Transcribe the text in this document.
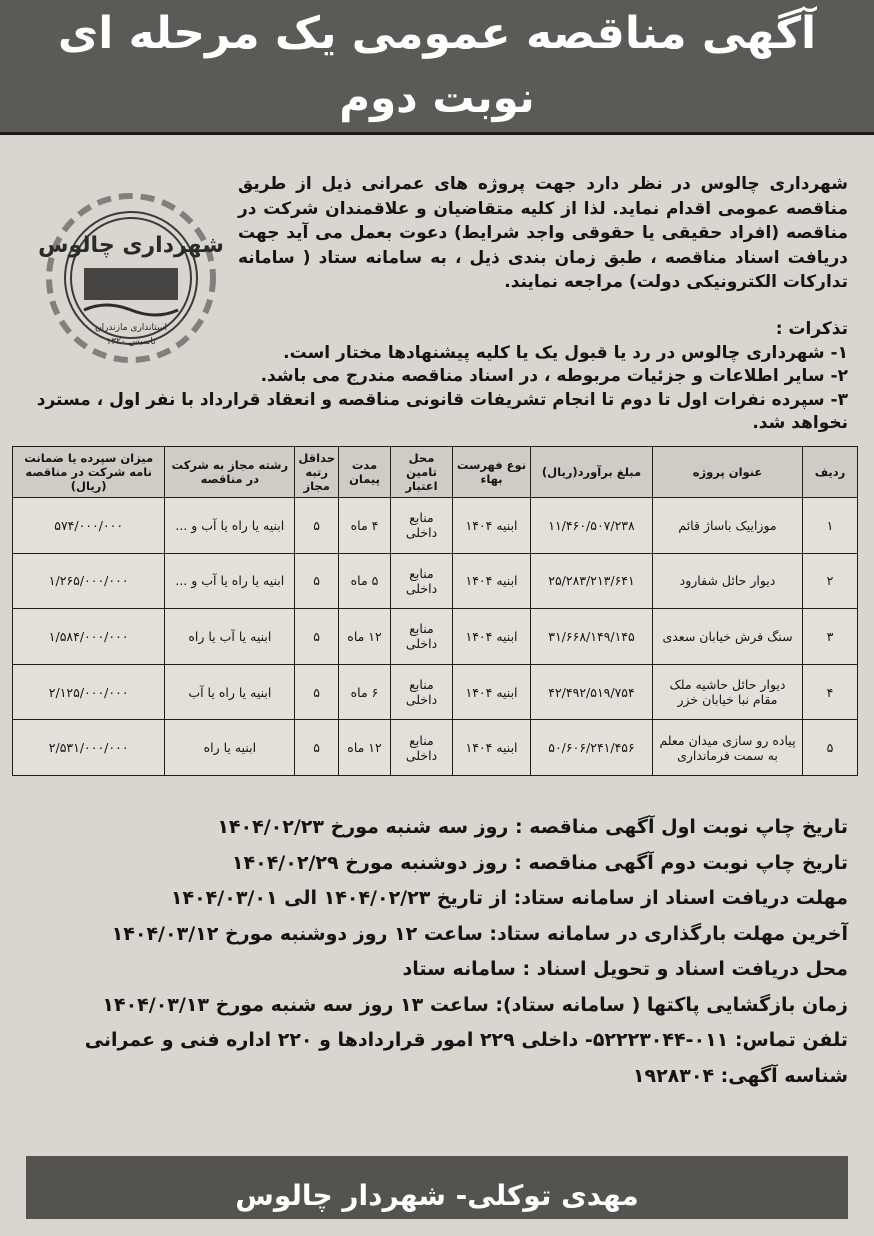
آگهی مناقصه عمومی یک مرحله ای
نوبت دوم
شهرداری چالوس
استانداری مازندران
تاسیس ۱۳۲۰

شهرداری چالوس در نظر دارد جهت پروژه های عمرانی ذیل از طریق مناقصه عمومی اقدام نماید. لذا از کلیه متقاضیان و علاقمندان شرکت در مناقصه (افراد حقیقی یا حقوقی واجد شرایط) دعوت بعمل می آید جهت دریافت اسناد مناقصه ، طبق زمان بندی ذیل ، به سامانه ستاد ( سامانه تدارکات الکترونیکی دولت) مراجعه نمایند.

تذکرات :

۱- شهرداری چالوس در رد یا قبول یک یا کلیه پیشنهادها مختار است.

۲- سایر اطلاعات و جزئیات مربوطه ، در اسناد مناقصه مندرج می باشد.

۳- سپرده نفرات اول تا دوم تا انجام تشریفات قانونی مناقصه و انعقاد قرارداد با نفر اول ، مسترد نخواهد شد.

ردیف	عنوان پروژه	مبلغ برآورد(ریال)	نوع فهرست بهاء	محل تامین اعتبار	مدت پیمان	حداقل رتبه مجاز	رشته مجاز به شرکت در مناقصه	میزان سپرده یا ضمانت نامه شرکت در مناقصه (ریال)
۱	موزاییک باساژ قائم	۱۱/۴۶۰/۵۰۷/۲۳۸	ابنیه ۱۴۰۴	منابع داخلی	۴ ماه	۵	ابنیه یا راه یا آب و ...	۵۷۴/۰۰۰/۰۰۰
۲	دیوار حائل شفارود	۲۵/۲۸۳/۲۱۳/۶۴۱	ابنیه ۱۴۰۴	منابع داخلی	۵ ماه	۵	ابنیه یا راه یا آب و ...	۱/۲۶۵/۰۰۰/۰۰۰
۳	سنگ فرش خیابان سعدی	۳۱/۶۶۸/۱۴۹/۱۴۵	ابنیه ۱۴۰۴	منابع داخلی	۱۲ ماه	۵	ابنیه یا آب یا راه	۱/۵۸۴/۰۰۰/۰۰۰
۴	دیوار حائل حاشیه ملک مقام نبا خیابان خزر	۴۲/۴۹۲/۵۱۹/۷۵۴	ابنیه ۱۴۰۴	منابع داخلی	۶ ماه	۵	ابنیه یا راه یا آب	۲/۱۲۵/۰۰۰/۰۰۰
۵	پیاده رو سازی میدان معلم به سمت فرمانداری	۵۰/۶۰۶/۲۴۱/۴۵۶	ابنیه ۱۴۰۴	منابع داخلی	۱۲ ماه	۵	ابنیه یا راه	۲/۵۳۱/۰۰۰/۰۰۰

تاریخ چاپ نوبت اول آگهی مناقصه : روز سه شنبه مورخ ۱۴۰۴/۰۲/۲۳

تاریخ چاپ نوبت دوم آگهی مناقصه : روز دوشنبه مورخ ۱۴۰۴/۰۲/۲۹

مهلت دریافت اسناد از سامانه ستاد: از تاریخ ۱۴۰۴/۰۲/۲۳ الی ۱۴۰۴/۰۳/۰۱

آخرین مهلت بارگذاری در سامانه ستاد: ساعت ۱۲ روز دوشنبه مورخ ۱۴۰۴/۰۳/۱۲

محل دریافت اسناد و تحویل اسناد : سامانه ستاد

زمان بازگشایی پاکتها ( سامانه ستاد): ساعت ۱۳ روز سه شنبه مورخ ۱۴۰۴/۰۳/۱۳

تلفن تماس: ۰۱۱-۵۲۲۲۳۰۴۴- داخلی ۲۲۹ امور قراردادها و ۲۲۰ اداره فنی و عمرانی

شناسه آگهی: ۱۹۲۸۳۰۴

مهدی توکلی- شهردار چالوس
